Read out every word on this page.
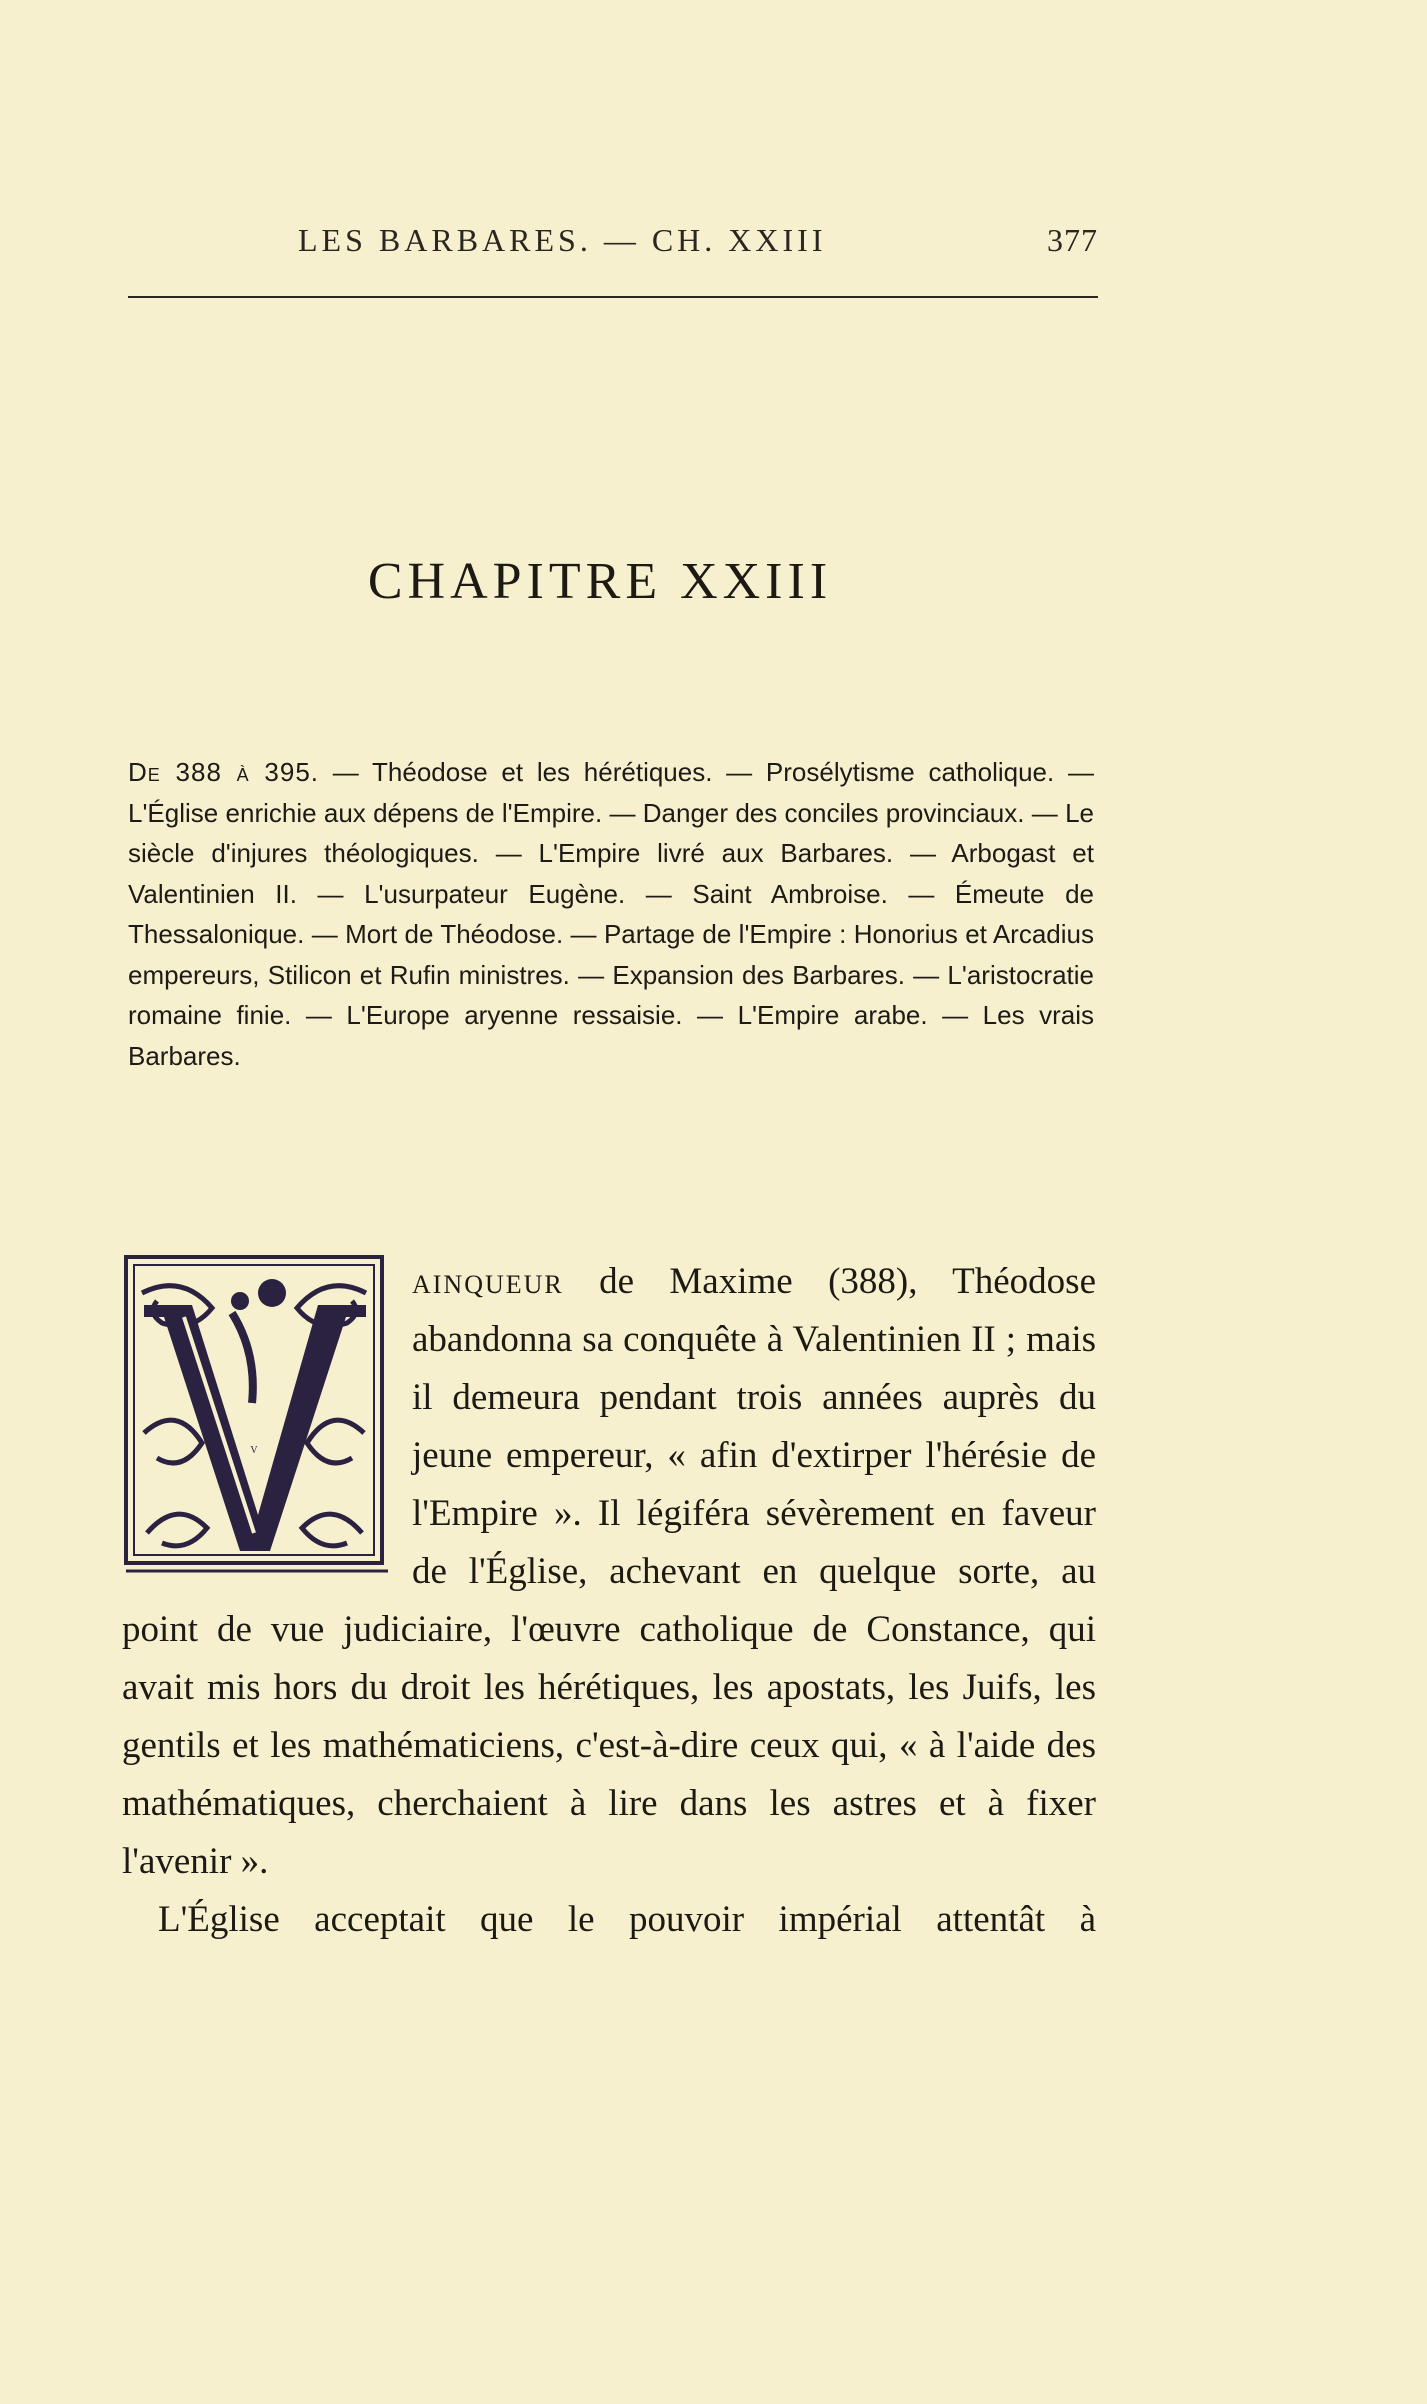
LES BARBARES. — CH. XXIII	377
CHAPITRE XXIII
De 388 à 395. — Théodose et les hérétiques. — Prosélytisme catholique. — L'Église enrichie aux dépens de l'Empire. — Danger des conciles provinciaux. — Le siècle d'injures théologiques. — L'Empire livré aux Barbares. — Arbogast et Valentinien II. — L'usurpateur Eugène. — Saint Ambroise. — Émeute de Thessalonique. — Mort de Théodose. — Partage de l'Empire : Honorius et Arcadius empereurs, Stilicon et Rufin ministres. — Expansion des Barbares. — L'aristocratie romaine finie. — L'Europe aryenne ressaisie. — L'Empire arabe. — Les vrais Barbares.
V

ainqueur de Maxime (388), Théodose abandonna sa conquête à Valentinien II ; mais il demeura pendant trois années auprès du jeune empereur, « afin d'extirper l'hérésie de l'Empire ». Il légiféra sévèrement en faveur de l'Église, achevant en quelque sorte, au point de vue judiciaire, l'œuvre catholique de Constance, qui avait mis hors du droit les hérétiques, les apostats, les Juifs, les gentils et les mathématiciens, c'est-à-dire ceux qui, « à l'aide des mathématiques, cherchaient à lire dans les astres et à fixer l'avenir ».

L'Église acceptait que le pouvoir impérial attentât à
